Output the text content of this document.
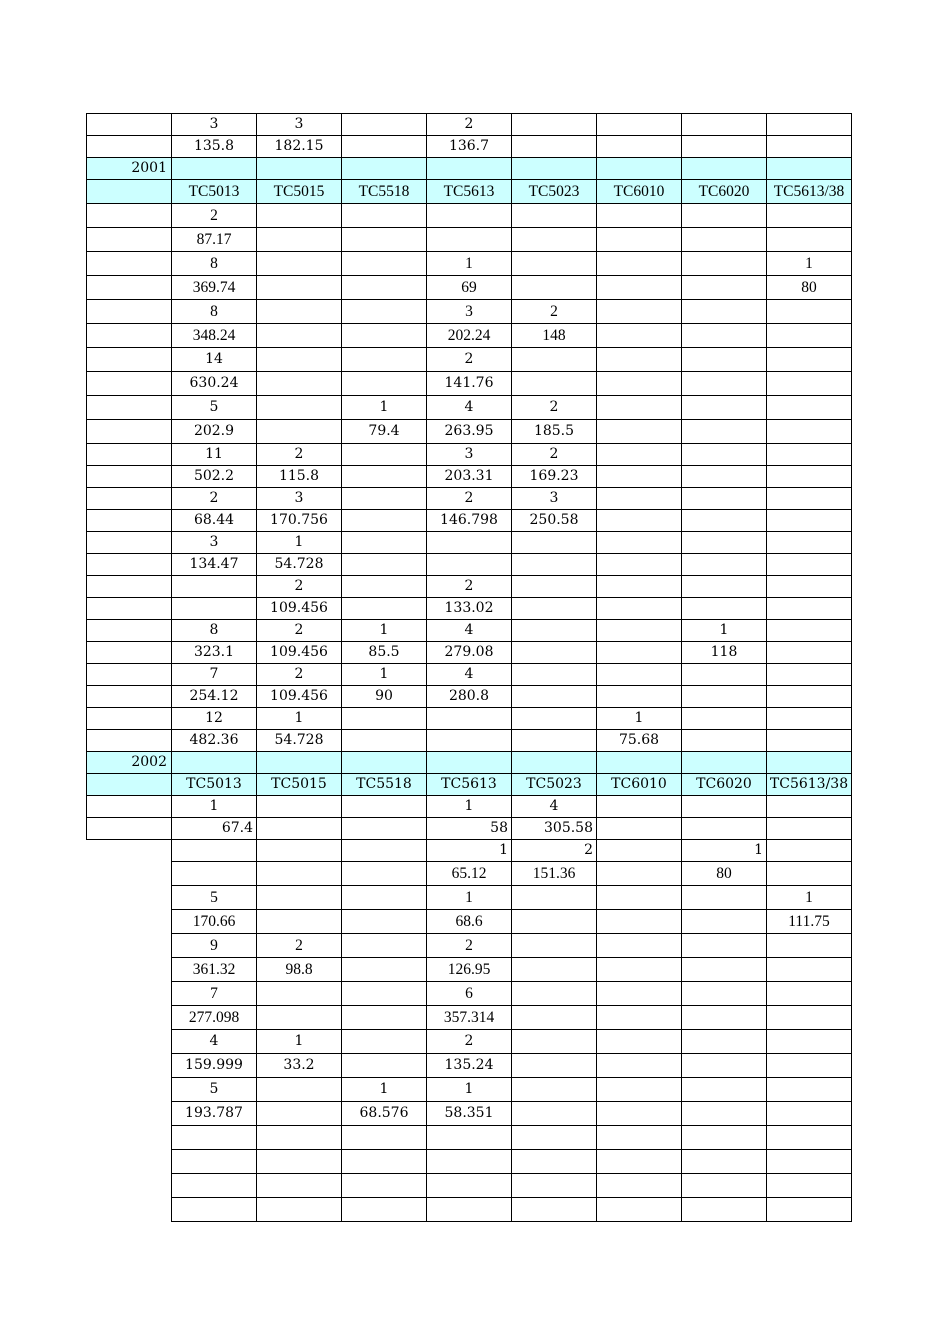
	3	3		2				
	135.8	182.15		136.7				
2001								
	TC5013	TC5015	TC5518	TC5613	TC5023	TC6010	TC6020	TC5613/38
	2							
	87.17							
	8			1				1
	369.74			69				80
	8			3	2			
	348.24			202.24	148			
	14			2				
	630.24			141.76				
	5		1	4	2			
	202.9		79.4	263.95	185.5			
	11	2		3	2			
	502.2	115.8		203.31	169.23			
	2	3		2	3			
	68.44	170.756		146.798	250.58			
	3	1						
	134.47	54.728						
		2		2				
		109.456		133.02				
	8	2	1	4			1	
	323.1	109.456	85.5	279.08			118	
	7	2	1	4				
	254.12	109.456	90	280.8				
	12	1				1		
	482.36	54.728				75.68		
2002								
	TC5013	TC5015	TC5518	TC5613	TC5023	TC6010	TC6020	TC5613/38
	1			1	4			
	67.4			58	305.58			
				1	2		1	
				65.12	151.36		80	
	5			1				1
	170.66			68.6				111.75
	9	2		2				
	361.32	98.8		126.95				
	7			6				
	277.098			357.314				
	4	1		2				
	159.999	33.2		135.24				
	5		1	1				
	193.787		68.576	58.351				
